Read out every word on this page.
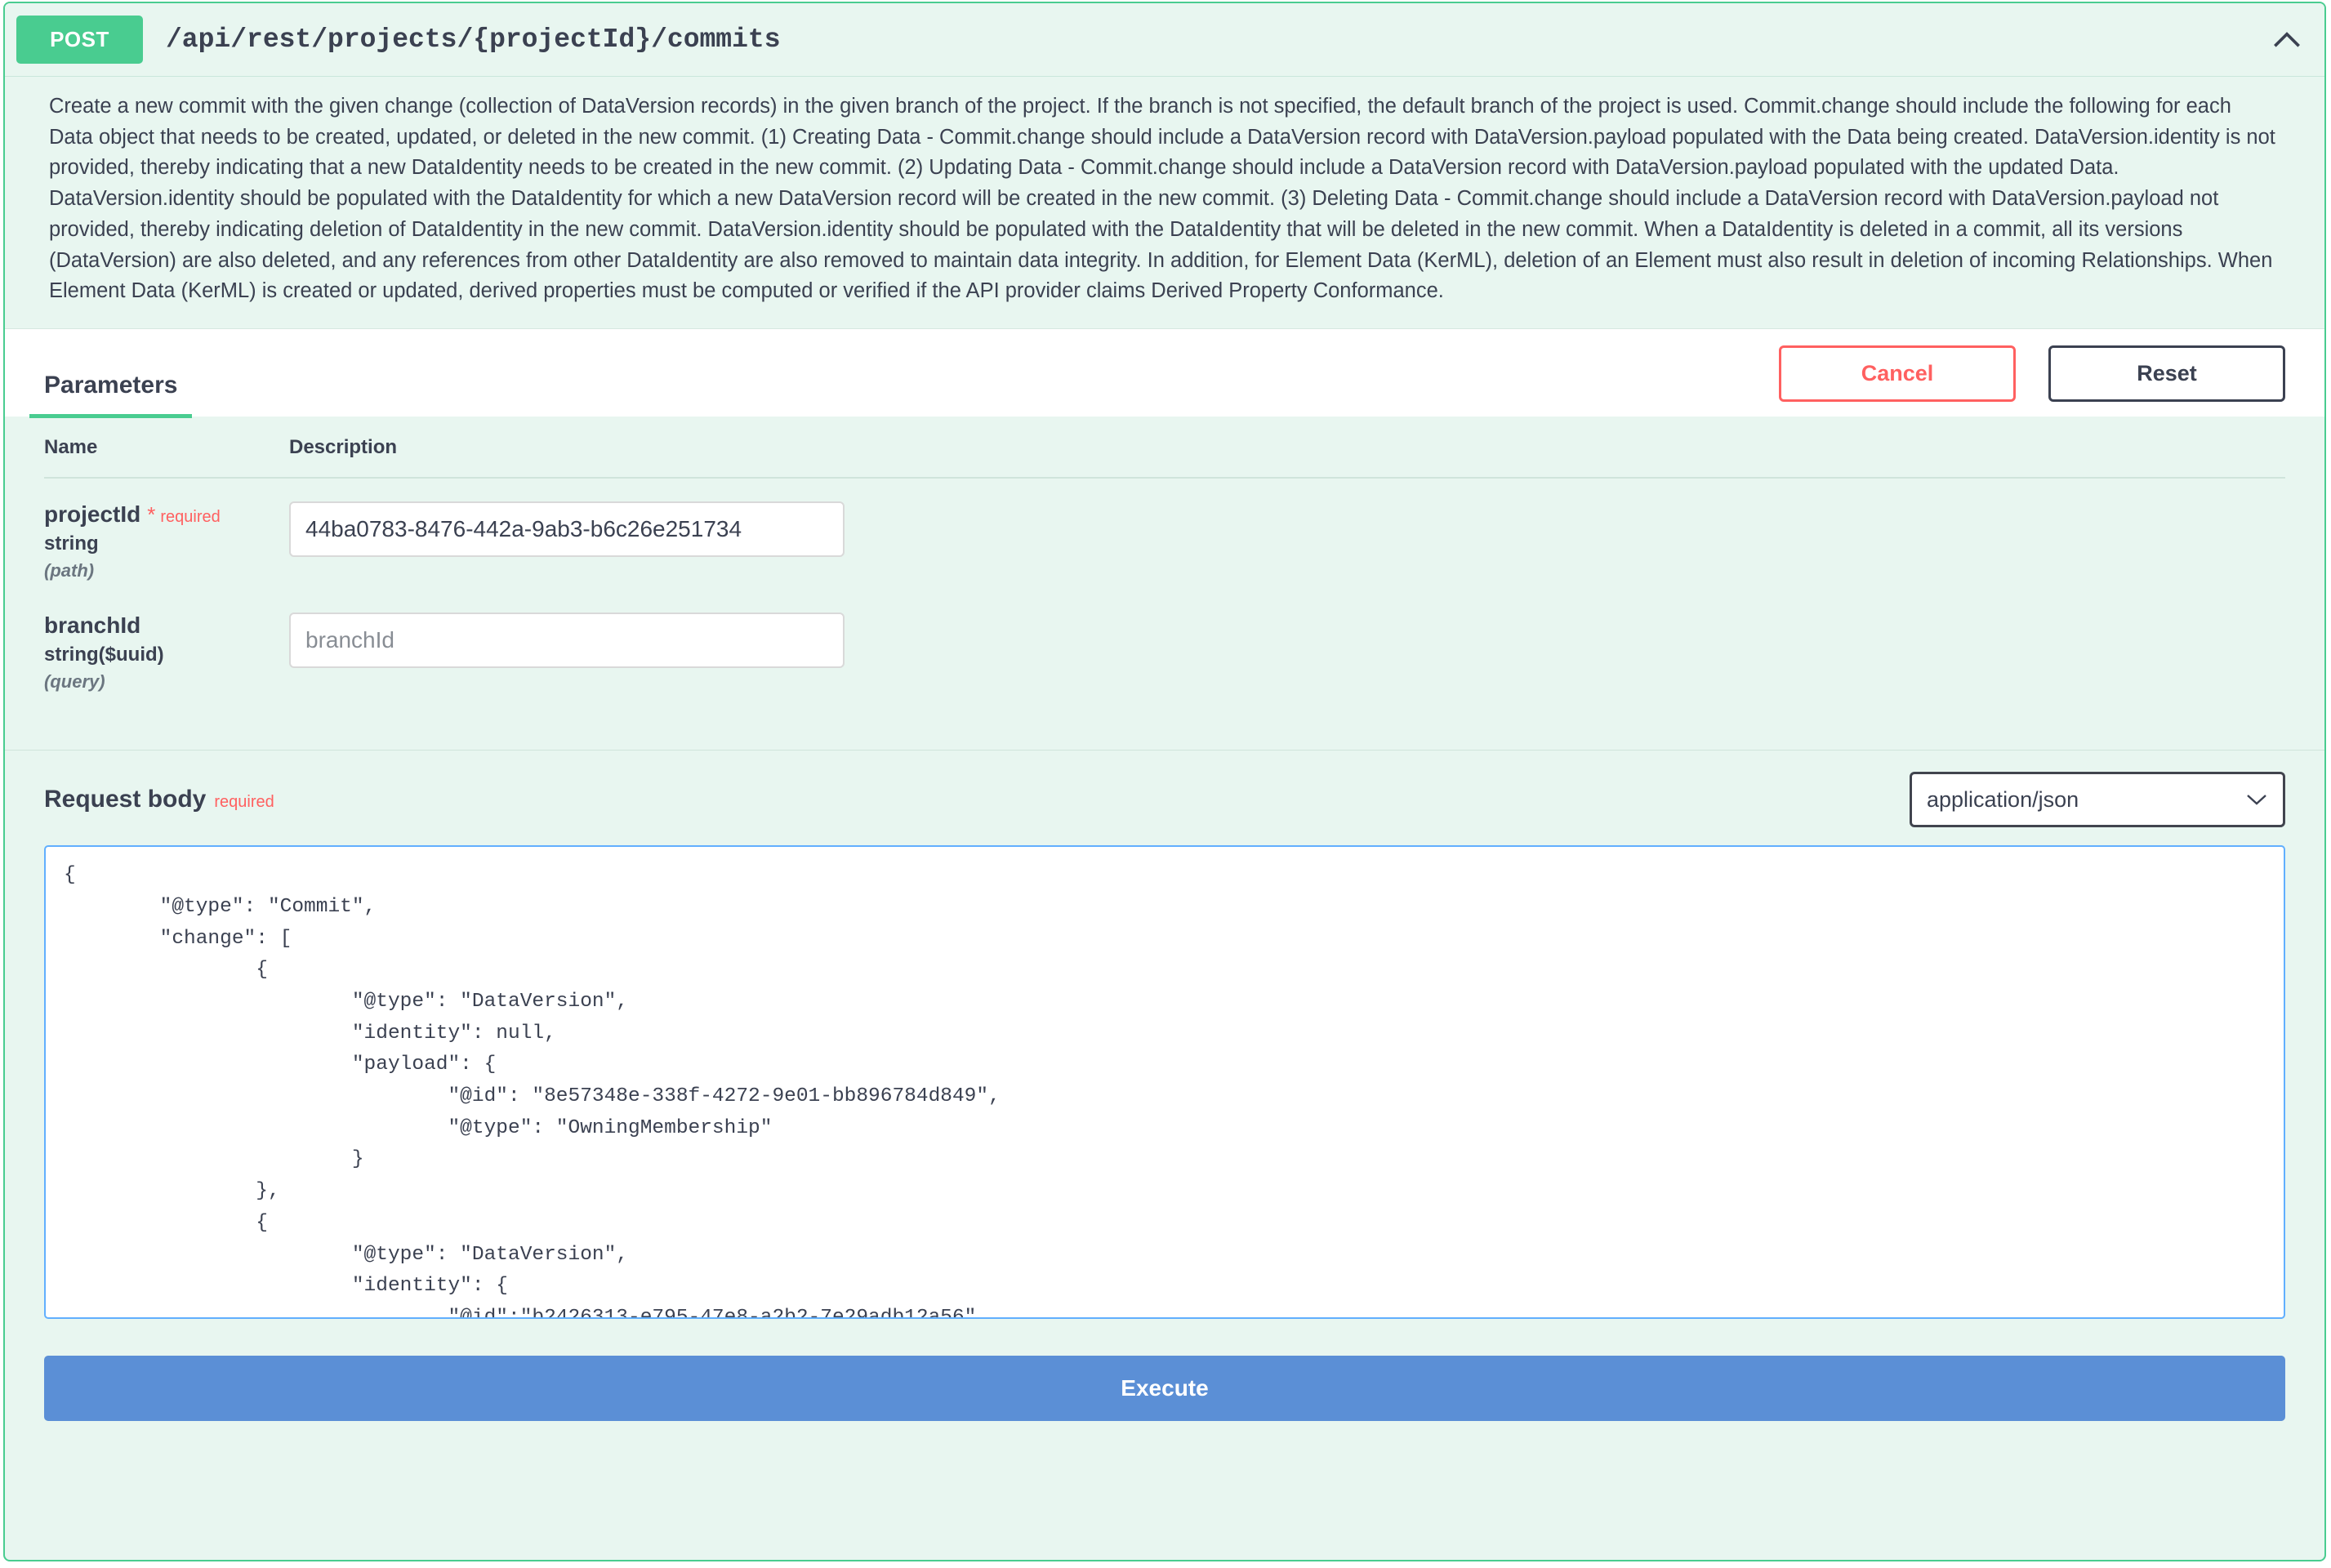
POST	/api/rest/projects/{projectId}/commits
Create a new commit with the given change (collection of DataVersion records) in the given branch of the project. If the branch is not specified, the default branch of the project is used. Commit.change should include the following for each Data object that needs to be created, updated, or deleted in the new commit. (1) Creating Data - Commit.change should include a DataVersion record with DataVersion.payload populated with the Data being created. DataVersion.identity is not provided, thereby indicating that a new DataIdentity needs to be created in the new commit. (2) Updating Data - Commit.change should include a DataVersion record with DataVersion.payload populated with the updated Data. DataVersion.identity should be populated with the DataIdentity for which a new DataVersion record will be created in the new commit. (3) Deleting Data - Commit.change should include a DataVersion record with DataVersion.payload not provided, thereby indicating deletion of DataIdentity in the new commit. DataVersion.identity should be populated with the DataIdentity that will be deleted in the new commit. When a DataIdentity is deleted in a commit, all its versions (DataVersion) are also deleted, and any references from other DataIdentity are also removed to maintain data integrity. In addition, for Element Data (KerML), deletion of an Element must also result in deletion of incoming Relationships. When Element Data (KerML) is created or updated, derived properties must be computed or verified if the API provider claims Derived Property Conformance.
Parameters	Cancel	Reset
Name	Description

projectId * required
string
(path)
	44ba0783-8476-442a-9ab3-b6c26e251734

branchId
string($uuid)
(query)
	branchId
Request body required
application/json
{ "@type": "Commit", "change": [ { "@type": "DataVersion", "identity": null, "payload": { "@id": "8e57348e-338f-4272-9e01-bb896784d849", "@type": "OwningMembership" } }, { "@type": "DataVersion", "identity": { "@id":"b2426313-e795-47e8-a2b2-7e29adb12a56", "@type" : "DataIdentity" }, "payload": { "@id": "f3d97864-09f0-4af7-95bd-44b1a3243fdb", "@type": "OwningMembership",
Execute
